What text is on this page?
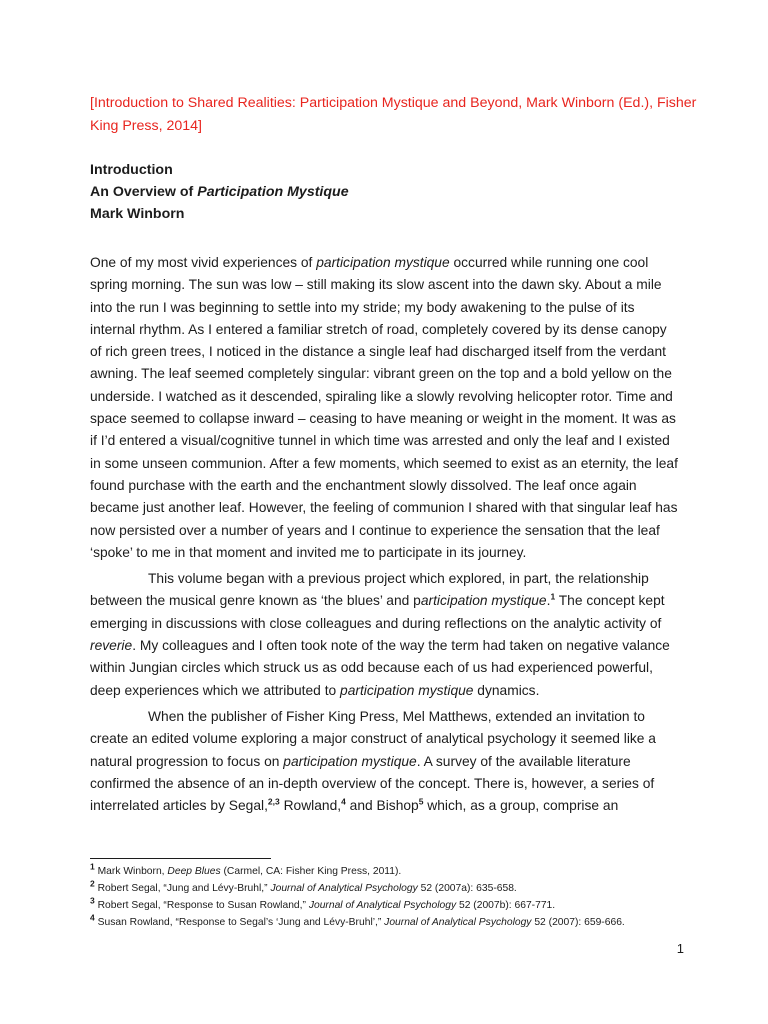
[Introduction to Shared Realities: Participation Mystique and Beyond, Mark Winborn (Ed.), Fisher King Press, 2014]
Introduction
An Overview of Participation Mystique
Mark Winborn

One of my most vivid experiences of participation mystique occurred while running one cool spring morning. The sun was low – still making its slow ascent into the dawn sky. About a mile into the run I was beginning to settle into my stride; my body awakening to the pulse of its internal rhythm. As I entered a familiar stretch of road, completely covered by its dense canopy of rich green trees, I noticed in the distance a single leaf had discharged itself from the verdant awning. The leaf seemed completely singular: vibrant green on the top and a bold yellow on the underside. I watched as it descended, spiraling like a slowly revolving helicopter rotor. Time and space seemed to collapse inward – ceasing to have meaning or weight in the moment. It was as if I’d entered a visual/cognitive tunnel in which time was arrested and only the leaf and I existed in some unseen communion. After a few moments, which seemed to exist as an eternity, the leaf found purchase with the earth and the enchantment slowly dissolved. The leaf once again became just another leaf. However, the feeling of communion I shared with that singular leaf has now persisted over a number of years and I continue to experience the sensation that the leaf ‘spoke’ to me in that moment and invited me to participate in its journey.

This volume began with a previous project which explored, in part, the relationship between the musical genre known as ‘the blues’ and participation mystique.$^1$ The concept kept emerging in discussions with close colleagues and during reflections on the analytic activity of reverie. My colleagues and I often took note of the way the term had taken on negative valance within Jungian circles which struck us as odd because each of us had experienced powerful, deep experiences which we attributed to participation mystique dynamics.

When the publisher of Fisher King Press, Mel Matthews, extended an invitation to create an edited volume exploring a major construct of analytical psychology it seemed like a natural progression to focus on participation mystique. A survey of the available literature confirmed the absence of an in-depth overview of the concept. There is, however, a series of interrelated articles by Segal,$^{2,3}$ Rowland,$^4$ and Bishop$^5$ which, as a group, comprise an

$^1$ Mark Winborn, Deep Blues (Carmel, CA: Fisher King Press, 2011).
$^2$ Robert Segal, “Jung and Lévy-Bruhl,” Journal of Analytical Psychology 52 (2007a): 635-658.
$^3$ Robert Segal, “Response to Susan Rowland,” Journal of Analytical Psychology 52 (2007b): 667-771.
$^4$ Susan Rowland, “Response to Segal’s ‘Jung and Lévy-Bruhl’,” Journal of Analytical Psychology 52 (2007): 659-666.
1
